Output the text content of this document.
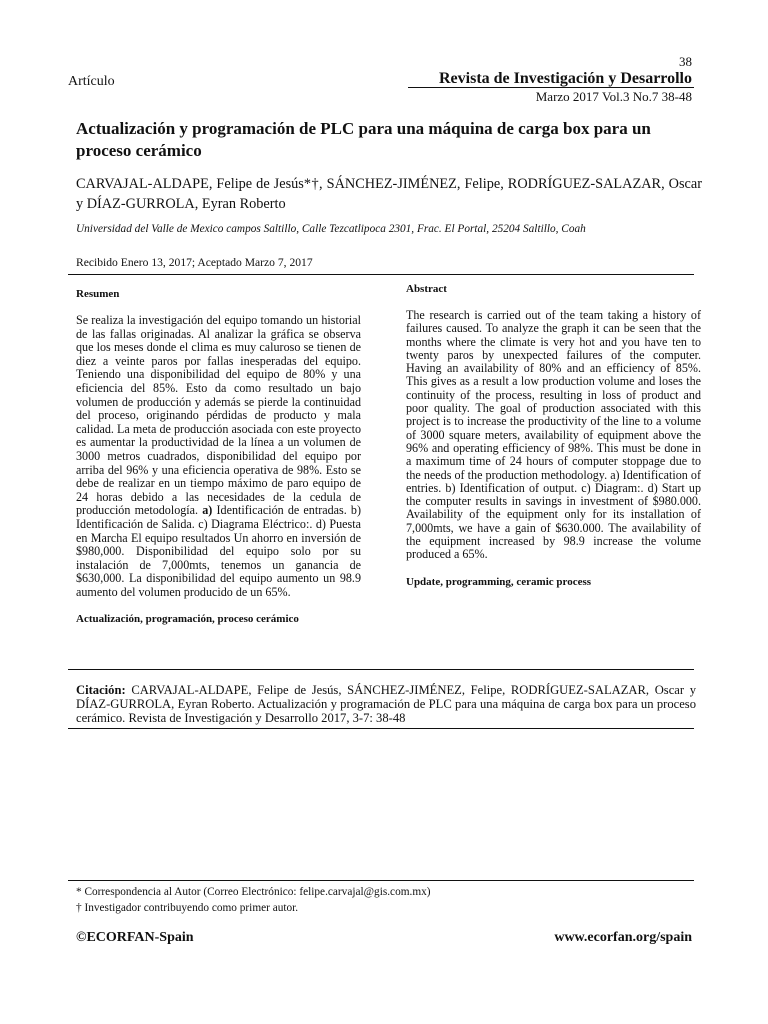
38
Artículo	Revista de Investigación y Desarrollo
Marzo 2017 Vol.3 No.7 38-48
Actualización y programación de PLC para una máquina de carga box para un proceso cerámico
CARVAJAL-ALDAPE, Felipe de Jesús*†, SÁNCHEZ-JIMÉNEZ, Felipe, RODRÍGUEZ-SALAZAR, Oscar y DÍAZ-GURROLA, Eyran Roberto
Universidad del Valle de Mexico campos Saltillo, Calle Tezcatlipoca 2301, Frac. El Portal, 25204 Saltillo, Coah
Recibido Enero 13, 2017; Aceptado Marzo 7, 2017
Resumen
Se realiza la investigación del equipo tomando un historial de las fallas originadas. Al analizar la gráfica se observa que los meses donde el clima es muy caluroso se tienen de diez a veinte paros por fallas inesperadas del equipo. Teniendo una disponibilidad del equipo de 80% y una eficiencia del 85%. Esto da como resultado un bajo volumen de producción y además se pierde la continuidad del proceso, originando pérdidas de producto y mala calidad. La meta de producción asociada con este proyecto es aumentar la productividad de la línea a un volumen de 3000 metros cuadrados, disponibilidad del equipo por arriba del 96% y una eficiencia operativa de 98%. Esto se debe de realizar en un tiempo máximo de paro equipo de 24 horas debido a las necesidades de la cedula de producción metodología. a) Identificación de entradas. b) Identificación de Salida. c) Diagrama Eléctrico:. d) Puesta en Marcha El equipo resultados Un ahorro en inversión de $980,000. Disponibilidad del equipo solo por su instalación de 7,000mts, tenemos un ganancia de $630,000. La disponibilidad del equipo aumento un 98.9 aumento del volumen producido de un 65%.
Actualización, programación, proceso cerámico
Abstract
The research is carried out of the team taking a history of failures caused. To analyze the graph it can be seen that the months where the climate is very hot and you have ten to twenty paros by unexpected failures of the computer. Having an availability of 80% and an efficiency of 85%. This gives as a result a low production volume and loses the continuity of the process, resulting in loss of product and poor quality. The goal of production associated with this project is to increase the productivity of the line to a volume of 3000 square meters, availability of equipment above the 96% and operating efficiency of 98%. This must be done in a maximum time of 24 hours of computer stoppage due to the needs of the production methodology. a) Identification of entries. b) Identification of output. c) Diagram:. d) Start up the computer results in savings in investment of $980.000. Availability of the equipment only for its installation of 7,000mts, we have a gain of $630.000. The availability of the equipment increased by 98.9 increase the volume produced a 65%.
Update, programming, ceramic process
Citación: CARVAJAL-ALDAPE, Felipe de Jesús, SÁNCHEZ-JIMÉNEZ, Felipe, RODRÍGUEZ-SALAZAR, Oscar y DÍAZ-GURROLA, Eyran Roberto. Actualización y programación de PLC para una máquina de carga box para un proceso cerámico. Revista de Investigación y Desarrollo 2017, 3-7: 38-48
* Correspondencia al Autor (Correo Electrónico: felipe.carvajal@gis.com.mx)
† Investigador contribuyendo como primer autor.
©ECORFAN-Spain	www.ecorfan.org/spain
